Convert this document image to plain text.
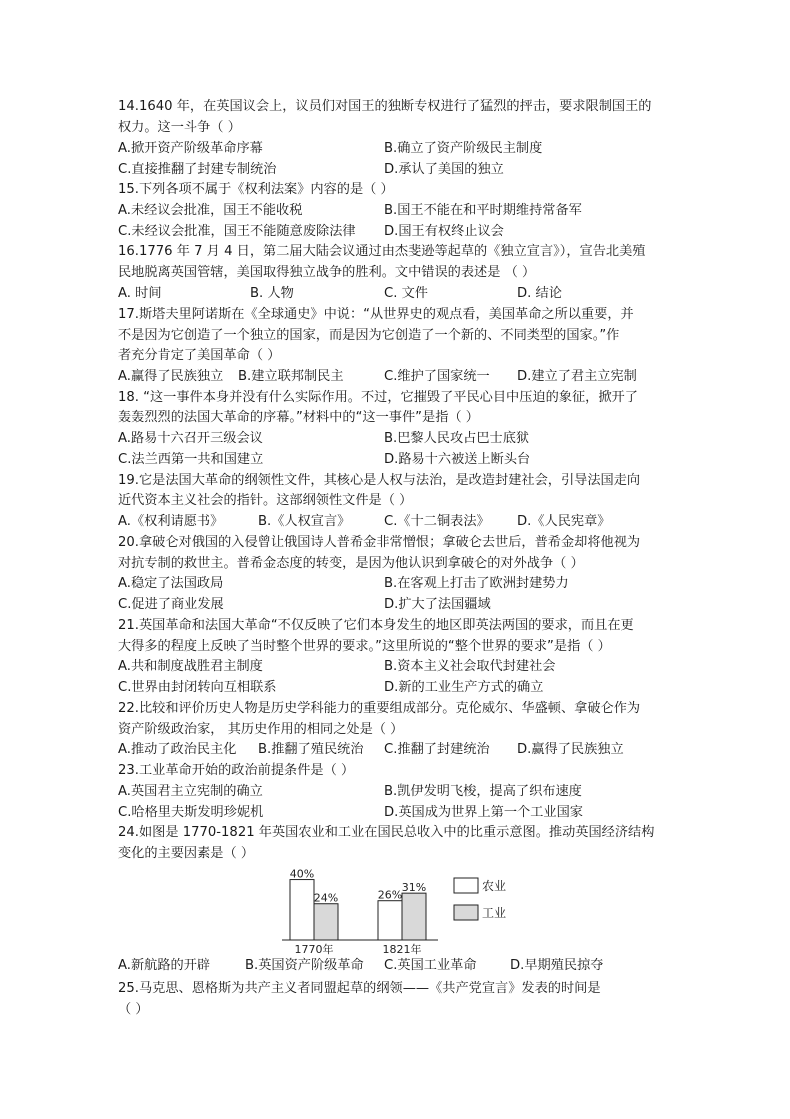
14.1640 年，在英国议会上，议员们对国王的独断专权进行了猛烈的抨击，要求限制国王的
权力。这一斗争（ ）
A.掀开资产阶级革命序幕	B.确立了资产阶级民主制度
C.直接推翻了封建专制统治	D.承认了美国的独立
15.下列各项不属于《权利法案》内容的是（ ）
A.未经议会批准，国王不能收税	B.国王不能在和平时期维持常备军
C.未经议会批准，国王不能随意废除法律 D.国王有权终止议会
16.1776 年 7 月 4 日，第二届大陆会议通过由杰斐逊等起草的《独立宣言》），宣告北美殖
民地脱离英国管辖，美国取得独立战争的胜利。文中错误的表述是 （ ）
A. 时间	B. 人物	C. 文件	D. 结论
17.斯塔夫里阿诺斯在《全球通史》中说：“从世界史的观点看，美国革命之所以重要，并
不是因为它创造了一个独立的国家，而是因为它创造了一个新的、不同类型的国家。”作
者充分肯定了美国革命（ ）
A.赢得了民族独立 B.建立联邦制民主	C.维护了国家统一 D.建立了君主立宪制
18. “这一事件本身并没有什么实际作用。不过，它摧毁了平民心目中压迫的象征，掀开了
轰轰烈烈的法国大革命的序幕。”材料中的“这一事件”是指（ ）
A.路易十六召开三级会议	B.巴黎人民攻占巴士底狱
C.法兰西第一共和国建立	D.路易十六被送上断头台
19.它是法国大革命的纲领性文件，其核心是人权与法治，是改造封建社会，引导法国走向
近代资本主义社会的指针。这部纲领性文件是（ ）
A.《权利请愿书》	B.《人权宣言》	C.《十二铜表法》 D.《人民宪章》
20.拿破仑对俄国的入侵曾让俄国诗人普希金非常憎恨；拿破仑去世后，普希金却将他视为
对抗专制的救世主。普希金态度的转变，是因为他认识到拿破仑的对外战争（ ）
A.稳定了法国政局	B.在客观上打击了欧洲封建势力
C.促进了商业发展	D.扩大了法国疆域
21.英国革命和法国大革命“不仅反映了它们本身发生的地区即英法两国的要求，而且在更
大得多的程度上反映了当时整个世界的要求。”这里所说的“整个世界的要求”是指（ ）
A.共和制度战胜君主制度	B.资本主义社会取代封建社会
C.世界由封闭转向互相联系	D.新的工业生产方式的确立
22.比较和评价历史人物是历史学科能力的重要组成部分。克伦威尔、华盛顿、拿破仑作为
资产阶级政治家， 其历史作用的相同之处是（ ）
A.推动了政治民主化 B.推翻了殖民统治 C.推翻了封建统治 D.赢得了民族独立
23.工业革命开始的政治前提条件是（ ）
A.英国君主立宪制的确立	B.凯伊发明飞梭，提高了织布速度
C.哈格里夫斯发明珍妮机	D.英国成为世界上第一个工业国家
24.如图是 1770-1821 年英国农业和工业在国民总收入中的比重示意图。推动英国经济结构
变化的主要因素是（ ）
40%
24%
1770年
26%
31%
1821年
农业
工业
A.新航路的开辟	B.英国资产阶级革命 C.英国工业革命	D.早期殖民掠夺
25.马克思、恩格斯为共产主义者同盟起草的纲领——《共产党宣言》发表的时间是
（ ）
